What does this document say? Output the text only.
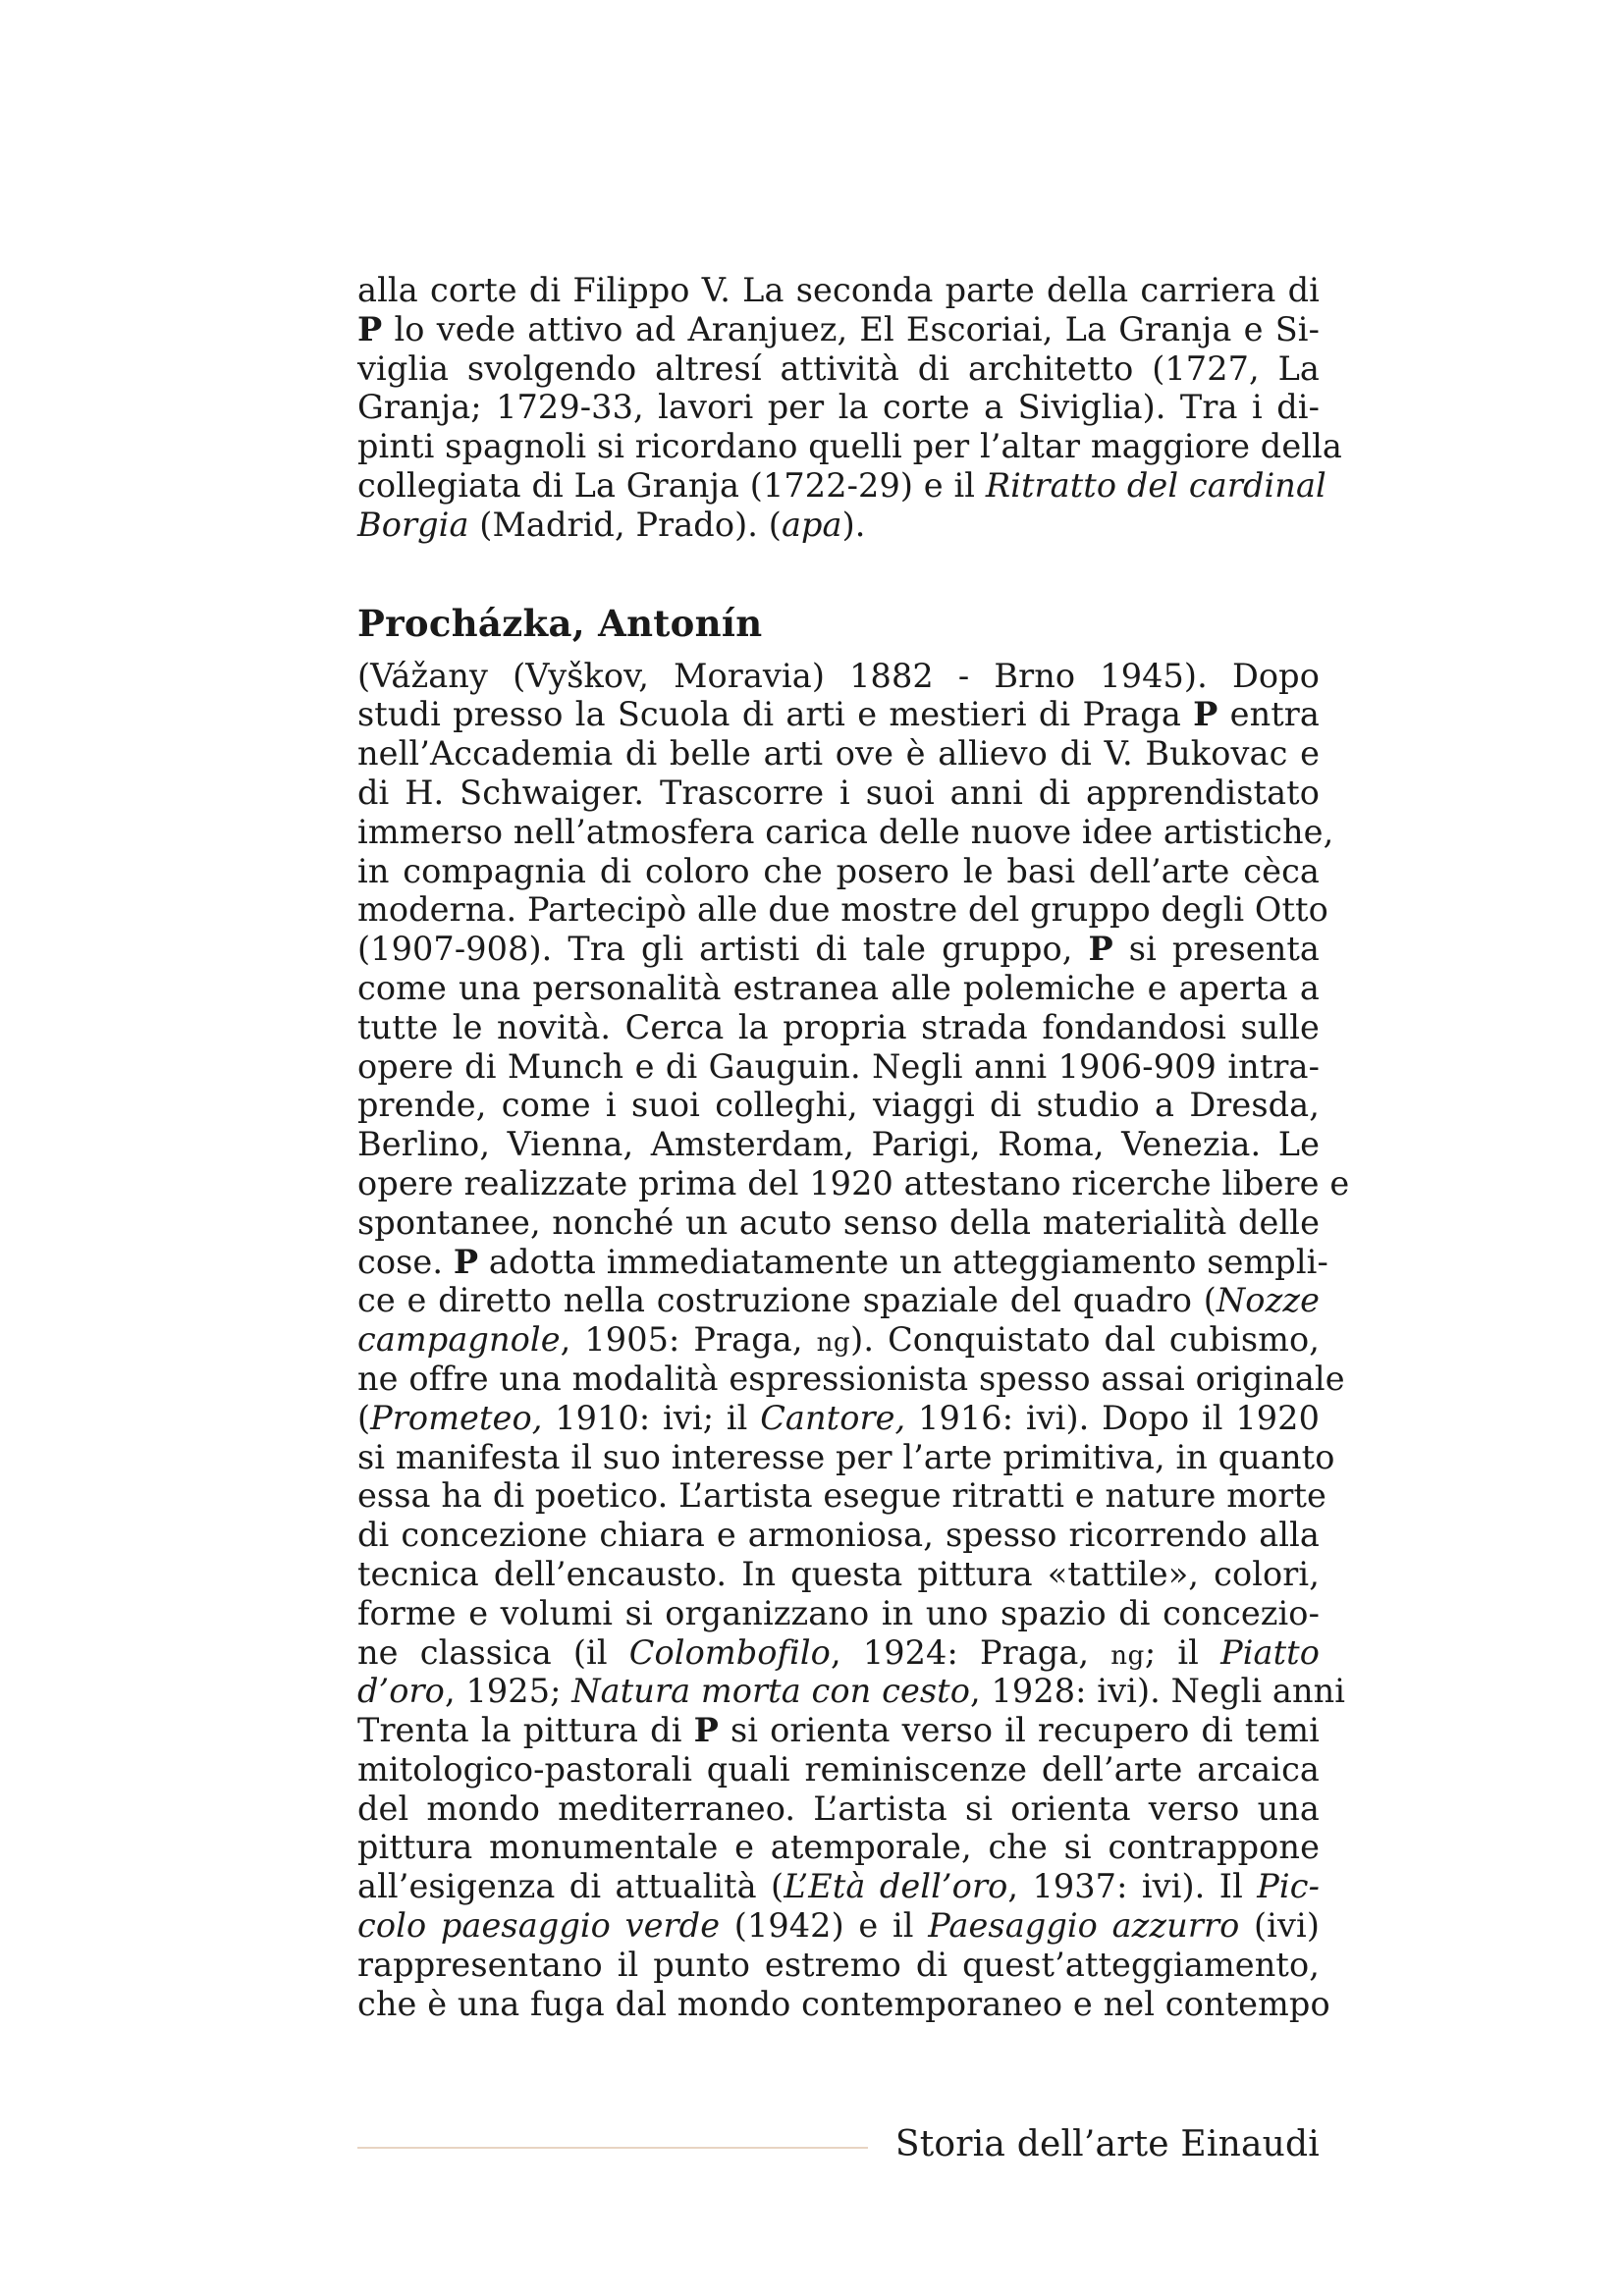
alla corte di Filippo V. La seconda parte della carriera di
P lo vede attivo ad Aranjuez, El Escoriai, La Granja e Si-
viglia svolgendo altresí attività di architetto (1727, La
Granja; 1729-33, lavori per la corte a Siviglia). Tra i di-
pinti spagnoli si ricordano quelli per l’altar maggiore della
collegiata di La Granja (1722-29) e il Ritratto del cardinal
Borgia (Madrid, Prado). (apa).
Procházka, Antonín
(Vážany (Vyškov, Moravia) 1882 - Brno 1945). Dopo
studi presso la Scuola di arti e mestieri di Praga P entra
nell’Accademia di belle arti ove è allievo di V. Bukovac e
di H. Schwaiger. Trascorre i suoi anni di apprendistato
immerso nell’atmosfera carica delle nuove idee artistiche,
in compagnia di coloro che posero le basi dell’arte cèca
moderna. Partecipò alle due mostre del gruppo degli Otto
(1907-908). Tra gli artisti di tale gruppo, P si presenta
come una personalità estranea alle polemiche e aperta a
tutte le novità. Cerca la propria strada fondandosi sulle
opere di Munch e di Gauguin. Negli anni 1906-909 intra-
prende, come i suoi colleghi, viaggi di studio a Dresda,
Berlino, Vienna, Amsterdam, Parigi, Roma, Venezia. Le
opere realizzate prima del 1920 attestano ricerche libere e
spontanee, nonché un acuto senso della materialità delle
cose. P adotta immediatamente un atteggiamento sempli-
ce e diretto nella costruzione spaziale del quadro (Nozze
campagnole, 1905: Praga, ng). Conquistato dal cubismo,
ne offre una modalità espressionista spesso assai originale
(Prometeo, 1910: ivi; il Cantore, 1916: ivi). Dopo il 1920
si manifesta il suo interesse per l’arte primitiva, in quanto
essa ha di poetico. L’artista esegue ritratti e nature morte
di concezione chiara e armoniosa, spesso ricorrendo alla
tecnica dell’encausto. In questa pittura «tattile», colori,
forme e volumi si organizzano in uno spazio di concezio-
ne classica (il Colombofilo, 1924: Praga, ng; il Piatto
d’oro, 1925; Natura morta con cesto, 1928: ivi). Negli anni
Trenta la pittura di P si orienta verso il recupero di temi
mitologico-pastorali quali reminiscenze dell’arte arcaica
del mondo mediterraneo. L’artista si orienta verso una
pittura monumentale e atemporale, che si contrappone
all’esigenza di attualità (L’Età dell’oro, 1937: ivi). Il Pic-
colo paesaggio verde (1942) e il Paesaggio azzurro (ivi)
rappresentano il punto estremo di quest’atteggiamento,
che è una fuga dal mondo contemporaneo e nel contempo
Storia dell’arte Einaudi
